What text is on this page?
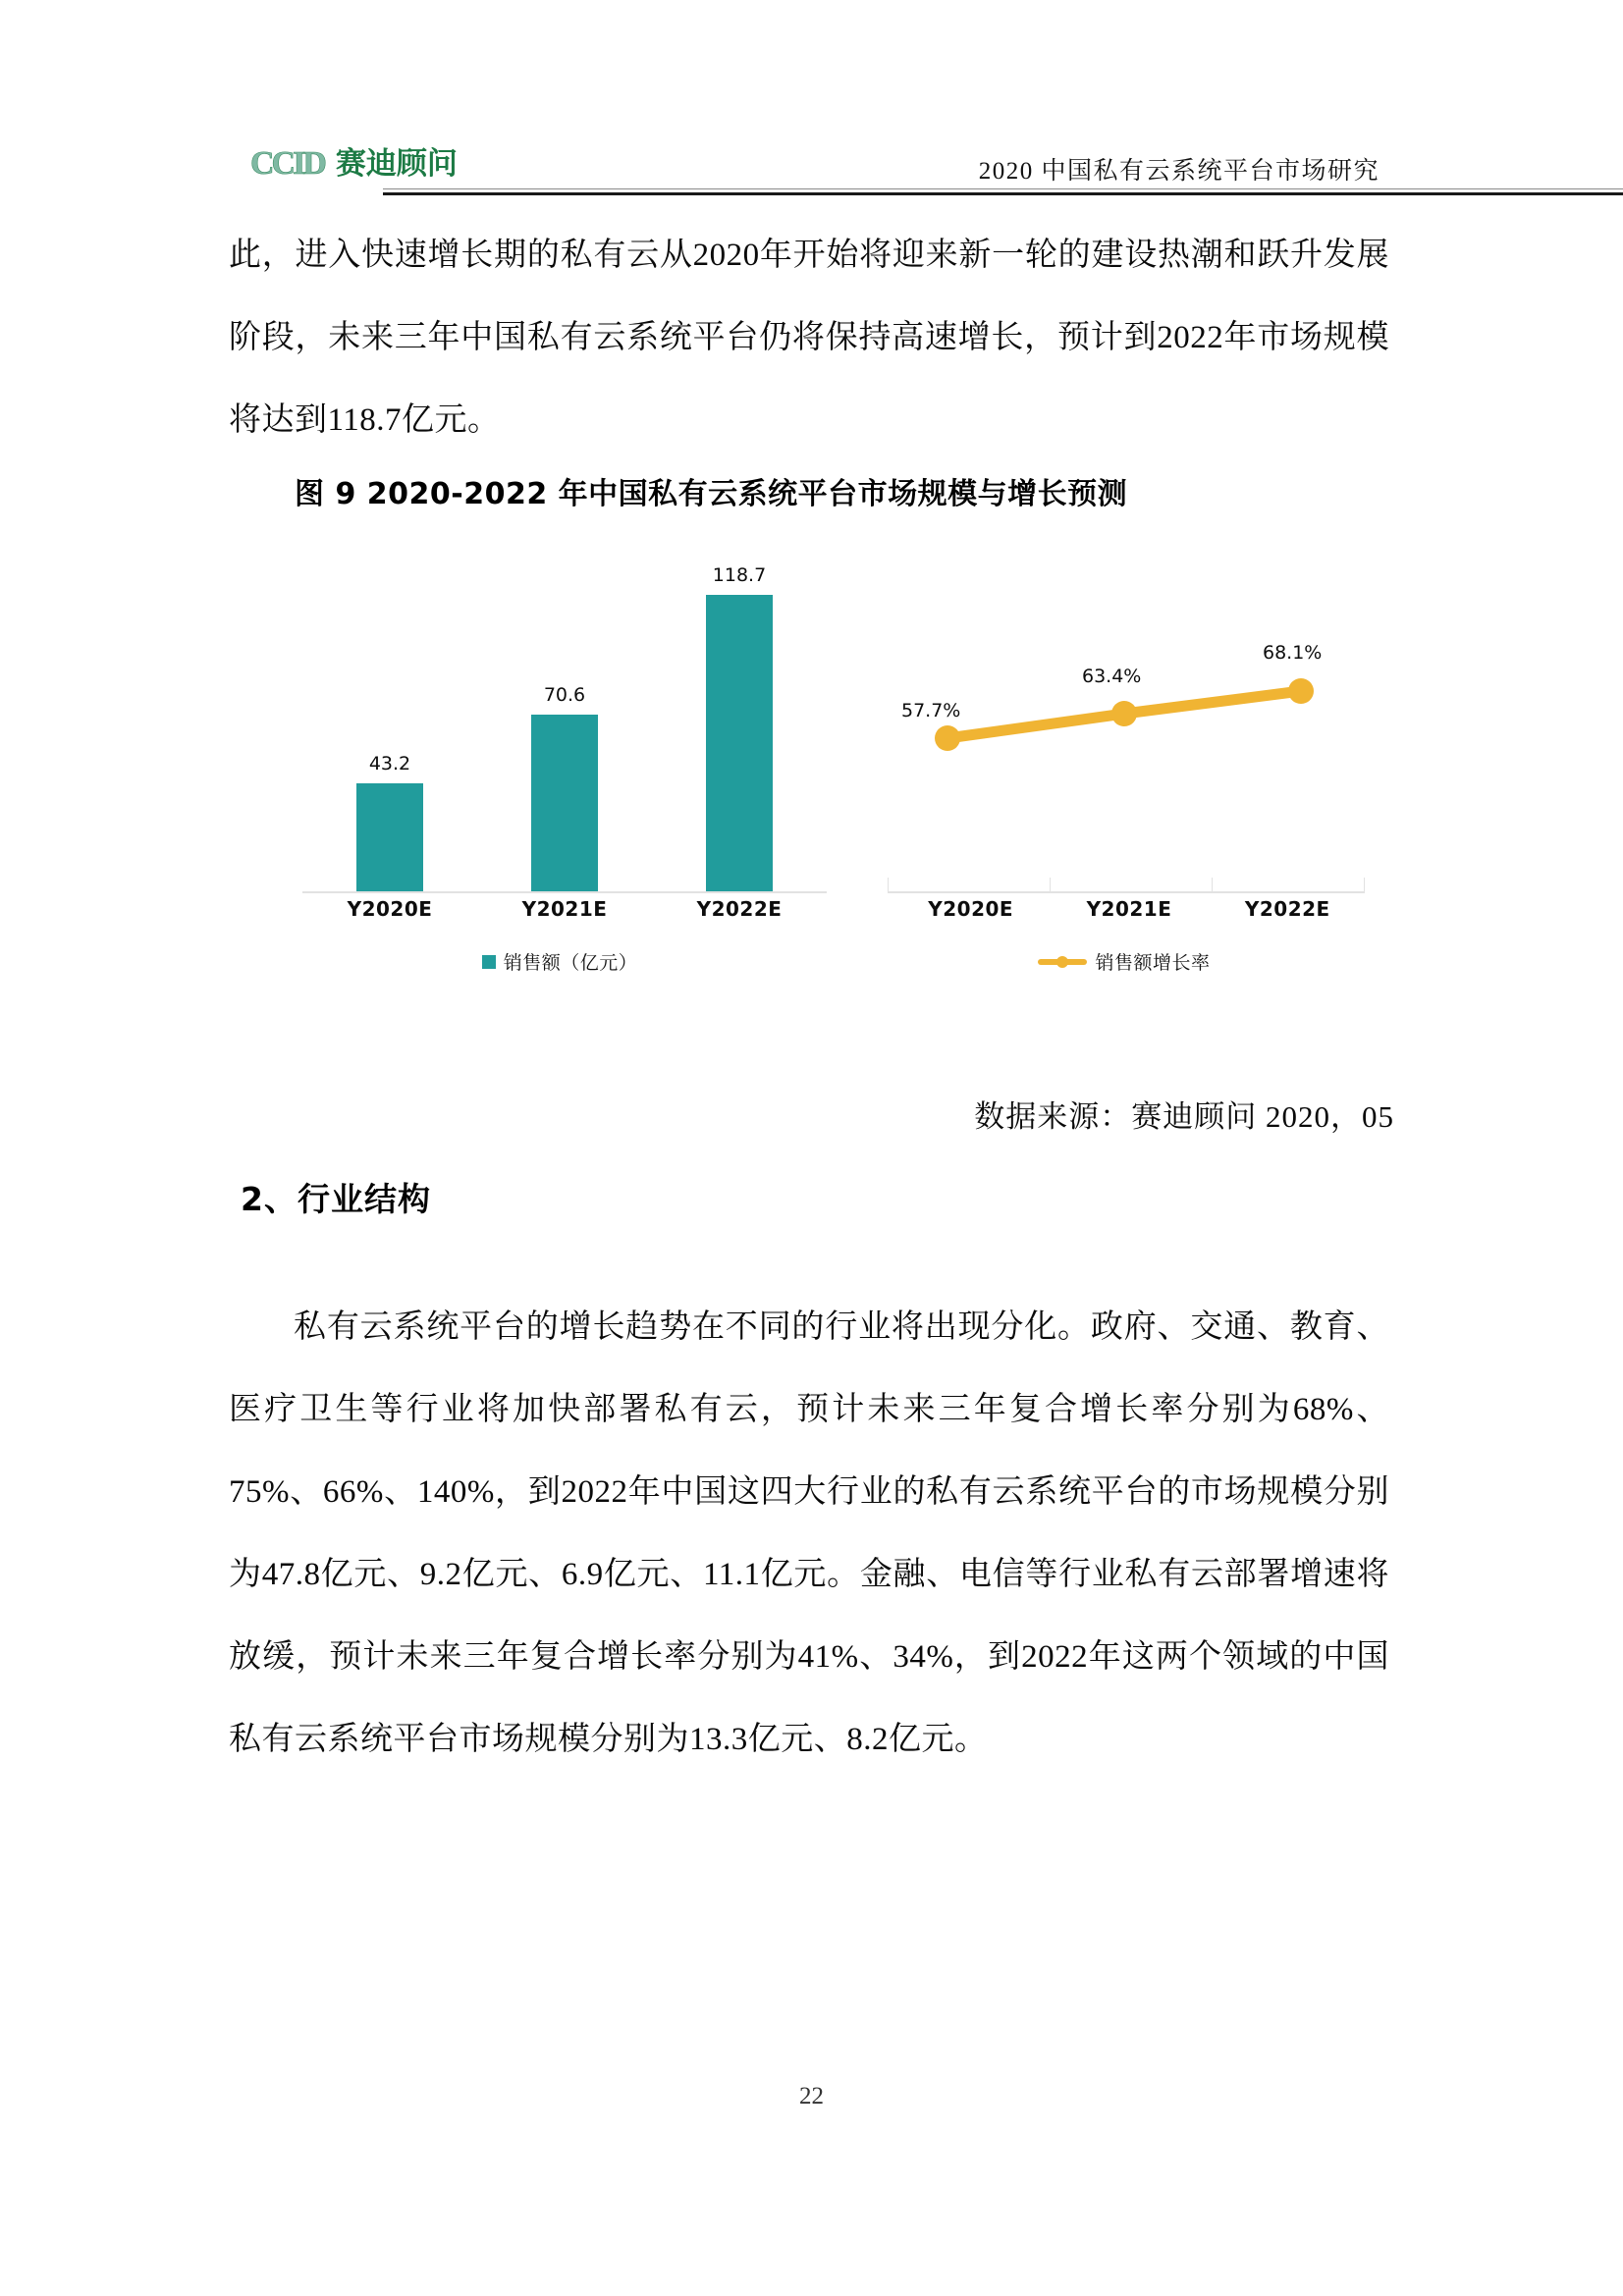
CCID 赛迪顾问	2020 中国私有云系统平台市场研究
此，进入快速增长期的私有云从2020年开始将迎来新一轮的建设热潮和跃升发展阶段，未来三年中国私有云系统平台仍将保持高速增长，预计到2022年市场规模将达到118.7亿元。
图 9 2020-2022 年中国私有云系统平台市场规模与增长预测
43.2
70.6
118.7
Y2020E	Y2021E	Y2022E
销售额（亿元）
57.7%
63.4%
68.1%
Y2020E	Y2021E	Y2022E
销售额增长率
数据来源：赛迪顾问 2020，05
2、行业结构
私有云系统平台的增长趋势在不同的行业将出现分化。政府、交通、教育、医疗卫生等行业将加快部署私有云，预计未来三年复合增长率分别为68%、75%、66%、140%，到2022年中国这四大行业的私有云系统平台的市场规模分别为47.8亿元、9.2亿元、6.9亿元、11.1亿元。金融、电信等行业私有云部署增速将放缓，预计未来三年复合增长率分别为41%、34%，到2022年这两个领域的中国私有云系统平台市场规模分别为13.3亿元、8.2亿元。
22
